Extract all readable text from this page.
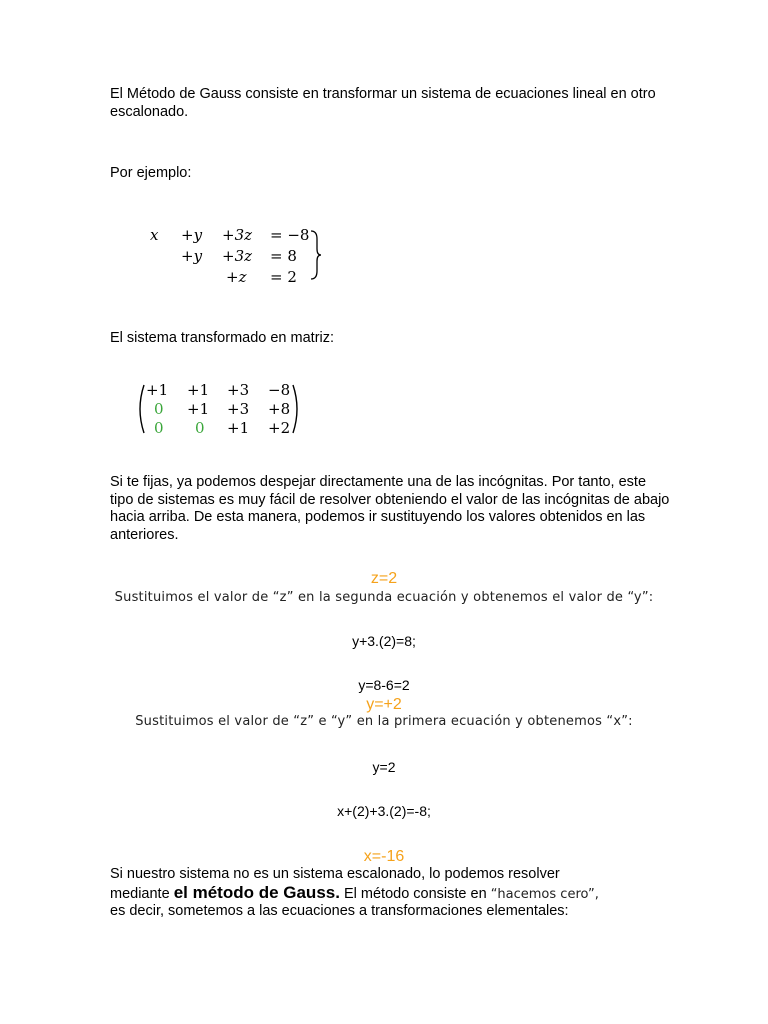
El Método de Gauss consiste en transformar un sistema de ecuaciones lineal en otro escalonado.

Por ejemplo:

x +y +3z = −8
+y +3z = 8
+z = 2

El sistema transformado en matriz:

+1 +1 +3 −8
0 +1 +3 +8
0 0 +1 +2

Si te fijas, ya podemos despejar directamente una de las incógnitas. Por tanto, este tipo de sistemas es muy fácil de resolver obteniendo el valor de las incógnitas de abajo hacia arriba. De esta manera, podemos ir sustituyendo los valores obtenidos en las anteriores.

z=2

Sustituimos el valor de “z” en la segunda ecuación y obtenemos el valor de “y”:

y+3.(2)=8;

y=8-6=2

y=+2

Sustituimos el valor de “z” e “y” en la primera ecuación y obtenemos “x”:

y=2

x+(2)+3.(2)=-8;

x=-16

Si nuestro sistema no es un sistema escalonado, lo podemos resolver
mediante el método de Gauss. El método consiste en “hacemos cero”,
es decir, sometemos a las ecuaciones a transformaciones elementales:
